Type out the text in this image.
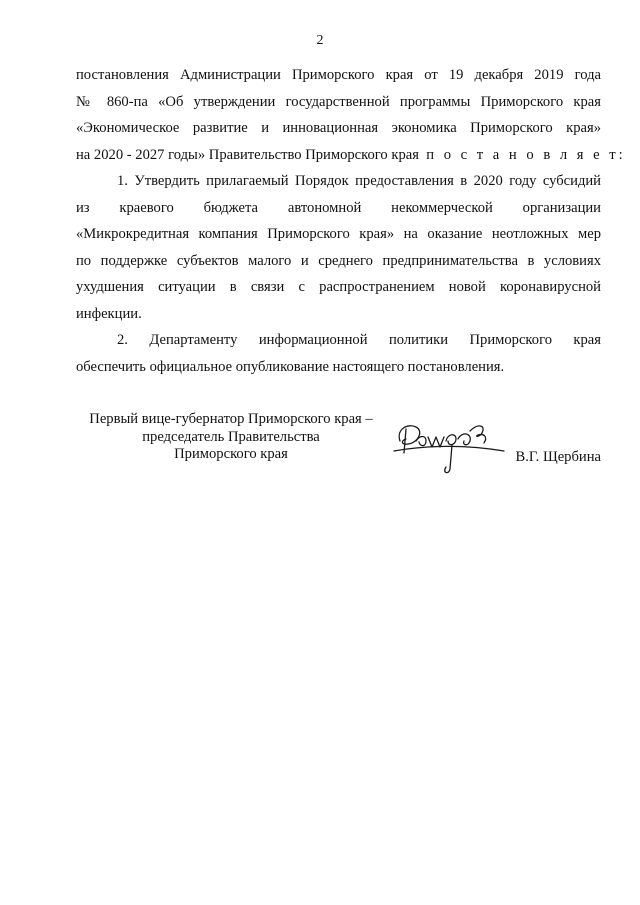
2

постановления Администрации Приморского края от 19 декабря 2019 года
№ 860-па «Об утверждении государственной программы Приморского края
«Экономическое развитие и инновационная экономика Приморского края»
на 2020 - 2027 годы» Правительство Приморского края п о с т а н о в л я е т:

1. Утвердить прилагаемый Порядок предоставления в 2020 году субсидий
из краевого бюджета автономной некоммерческой организации
«Микрокредитная компания Приморского края» на оказание неотложных мер
по поддержке субъектов малого и среднего предпринимательства в условиях
ухудшения ситуации в связи с распространением новой коронавирусной
инфекции.

2. Департаменту информационной политики Приморского края
обеспечить официальное опубликование настоящего постановления.

Первый вице-губернатор Приморского края –
председатель Правительства
Приморского края	В.Г. Щербина
